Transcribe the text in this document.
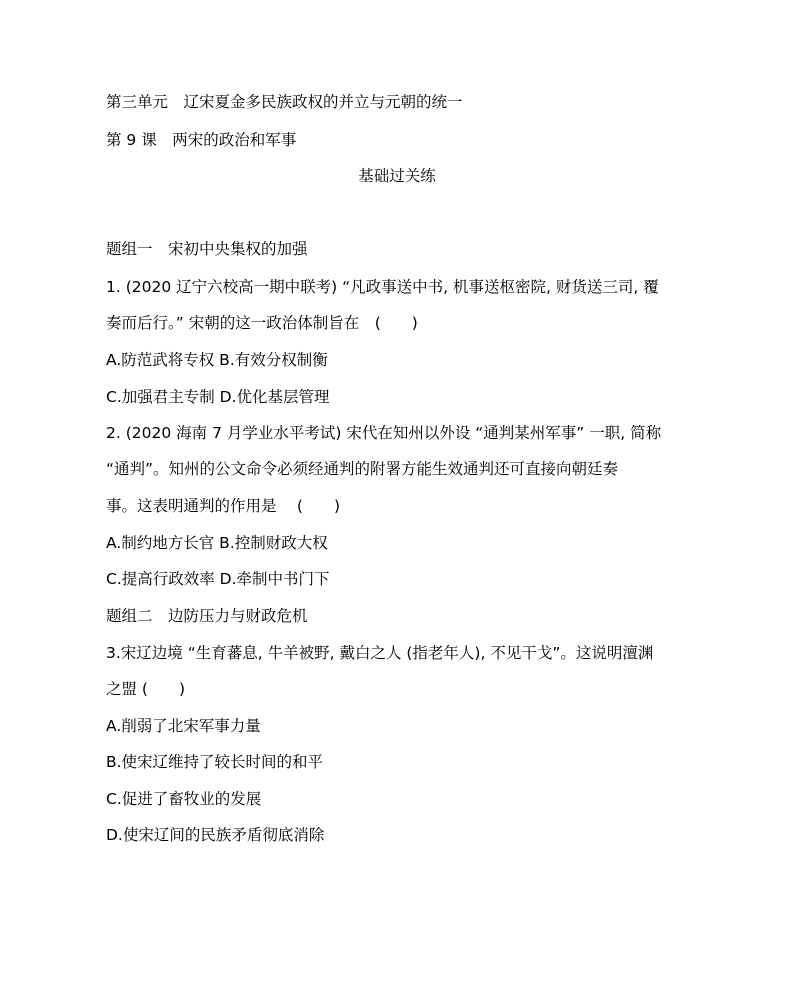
第三单元　辽宋夏金多民族政权的并立与元朝的统一
第 9 课　两宋的政治和军事
基础过关练
题组一　宋初中央集权的加强
1. (2020 辽宁六校高一期中联考) “凡政事送中书, 机事送枢密院, 财货送三司, 覆
奏而后行。” 宋朝的这一政治体制旨在　(　　)
A.防范武将专权 B.有效分权制衡
C.加强君主专制 D.优化基层管理
2. (2020 海南 7 月学业水平考试) 宋代在知州以外设 “通判某州军事” 一职, 简称
“通判”。知州的公文命令必须经通判的附署方能生效通判还可直接向朝廷奏
事。这表明通判的作用是　 (　　)
A.制约地方长官 B.控制财政大权
C.提高行政效率 D.牵制中书门下
题组二　边防压力与财政危机
3.宋辽边境 “生育蕃息, 牛羊被野, 戴白之人 (指老年人), 不见干戈”。这说明澶渊
之盟 (　　)
A.削弱了北宋军事力量
B.使宋辽维持了较长时间的和平
C.促进了畜牧业的发展
D.使宋辽间的民族矛盾彻底消除
